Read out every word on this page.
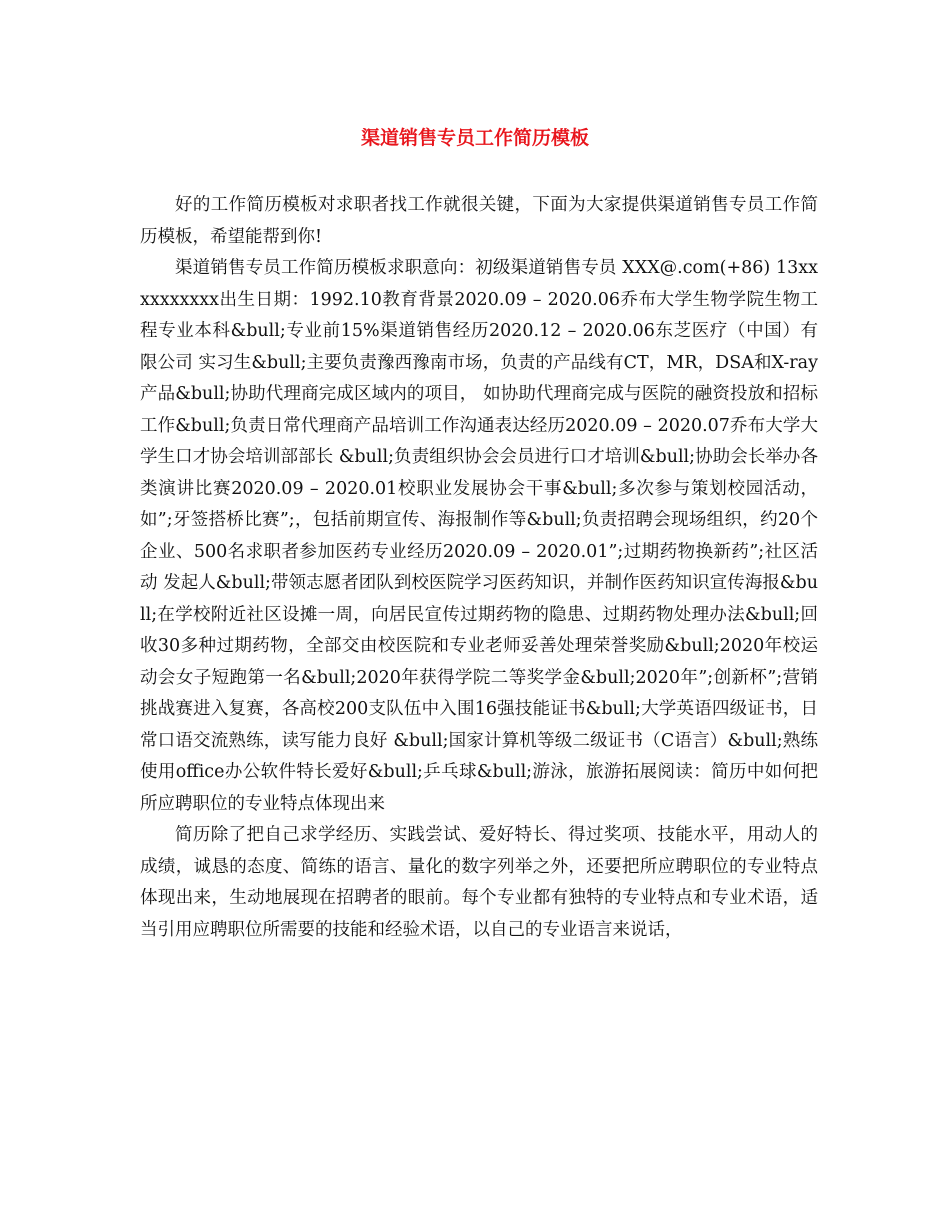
渠道销售专员工作简历模板

好的工作简历模板对求职者找工作就很关键，下面为大家提供渠道销售专员工作简历模板，希望能帮到你!

渠道销售专员工作简历模板求职意向：初级渠道销售专员 XXX@.com(+86) 13xxxxxxxxxx出生日期：1992.10教育背景2020.09 – 2020.06乔布大学生物学院生物工程专业本科&bull;专业前15%渠道销售经历2020.12 – 2020.06东芝医疗（中国）有限公司 实习生&bull;主要负责豫西豫南市场，负责的产品线有CT，MR，DSA和X-ray产品&bull;协助代理商完成区域内的项目， 如协助代理商完成与医院的融资投放和招标工作&bull;负责日常代理商产品培训工作沟通表达经历2020.09 – 2020.07乔布大学大学生口才协会培训部部长 &bull;负责组织协会会员进行口才培训&bull;协助会长举办各类演讲比赛2020.09 – 2020.01校职业发展协会干事&bull;多次参与策划校园活动，如”;牙签搭桥比赛”;，包括前期宣传、海报制作等&bull;负责招聘会现场组织，约20个企业、500名求职者参加医药专业经历2020.09 – 2020.01”;过期药物换新药”;社区活动 发起人&bull;带领志愿者团队到校医院学习医药知识，并制作医药知识宣传海报&bull;在学校附近社区设摊一周，向居民宣传过期药物的隐患、过期药物处理办法&bull;回收30多种过期药物，全部交由校医院和专业老师妥善处理荣誉奖励&bull;2020年校运动会女子短跑第一名&bull;2020年获得学院二等奖学金&bull;2020年”;创新杯”;营销挑战赛进入复赛，各高校200支队伍中入围16强技能证书&bull;大学英语四级证书，日常口语交流熟练，读写能力良好 &bull;国家计算机等级二级证书（C语言）&bull;熟练使用office办公软件特长爱好&bull;乒乓球&bull;游泳，旅游拓展阅读：简历中如何把所应聘职位的专业特点体现出来

简历除了把自己求学经历、实践尝试、爱好特长、得过奖项、技能水平，用动人的成绩，诚恳的态度、简练的语言、量化的数字列举之外，还要把所应聘职位的专业特点体现出来，生动地展现在招聘者的眼前。每个专业都有独特的专业特点和专业术语，适当引用应聘职位所需要的技能和经验术语，以自己的专业语言来说话，
